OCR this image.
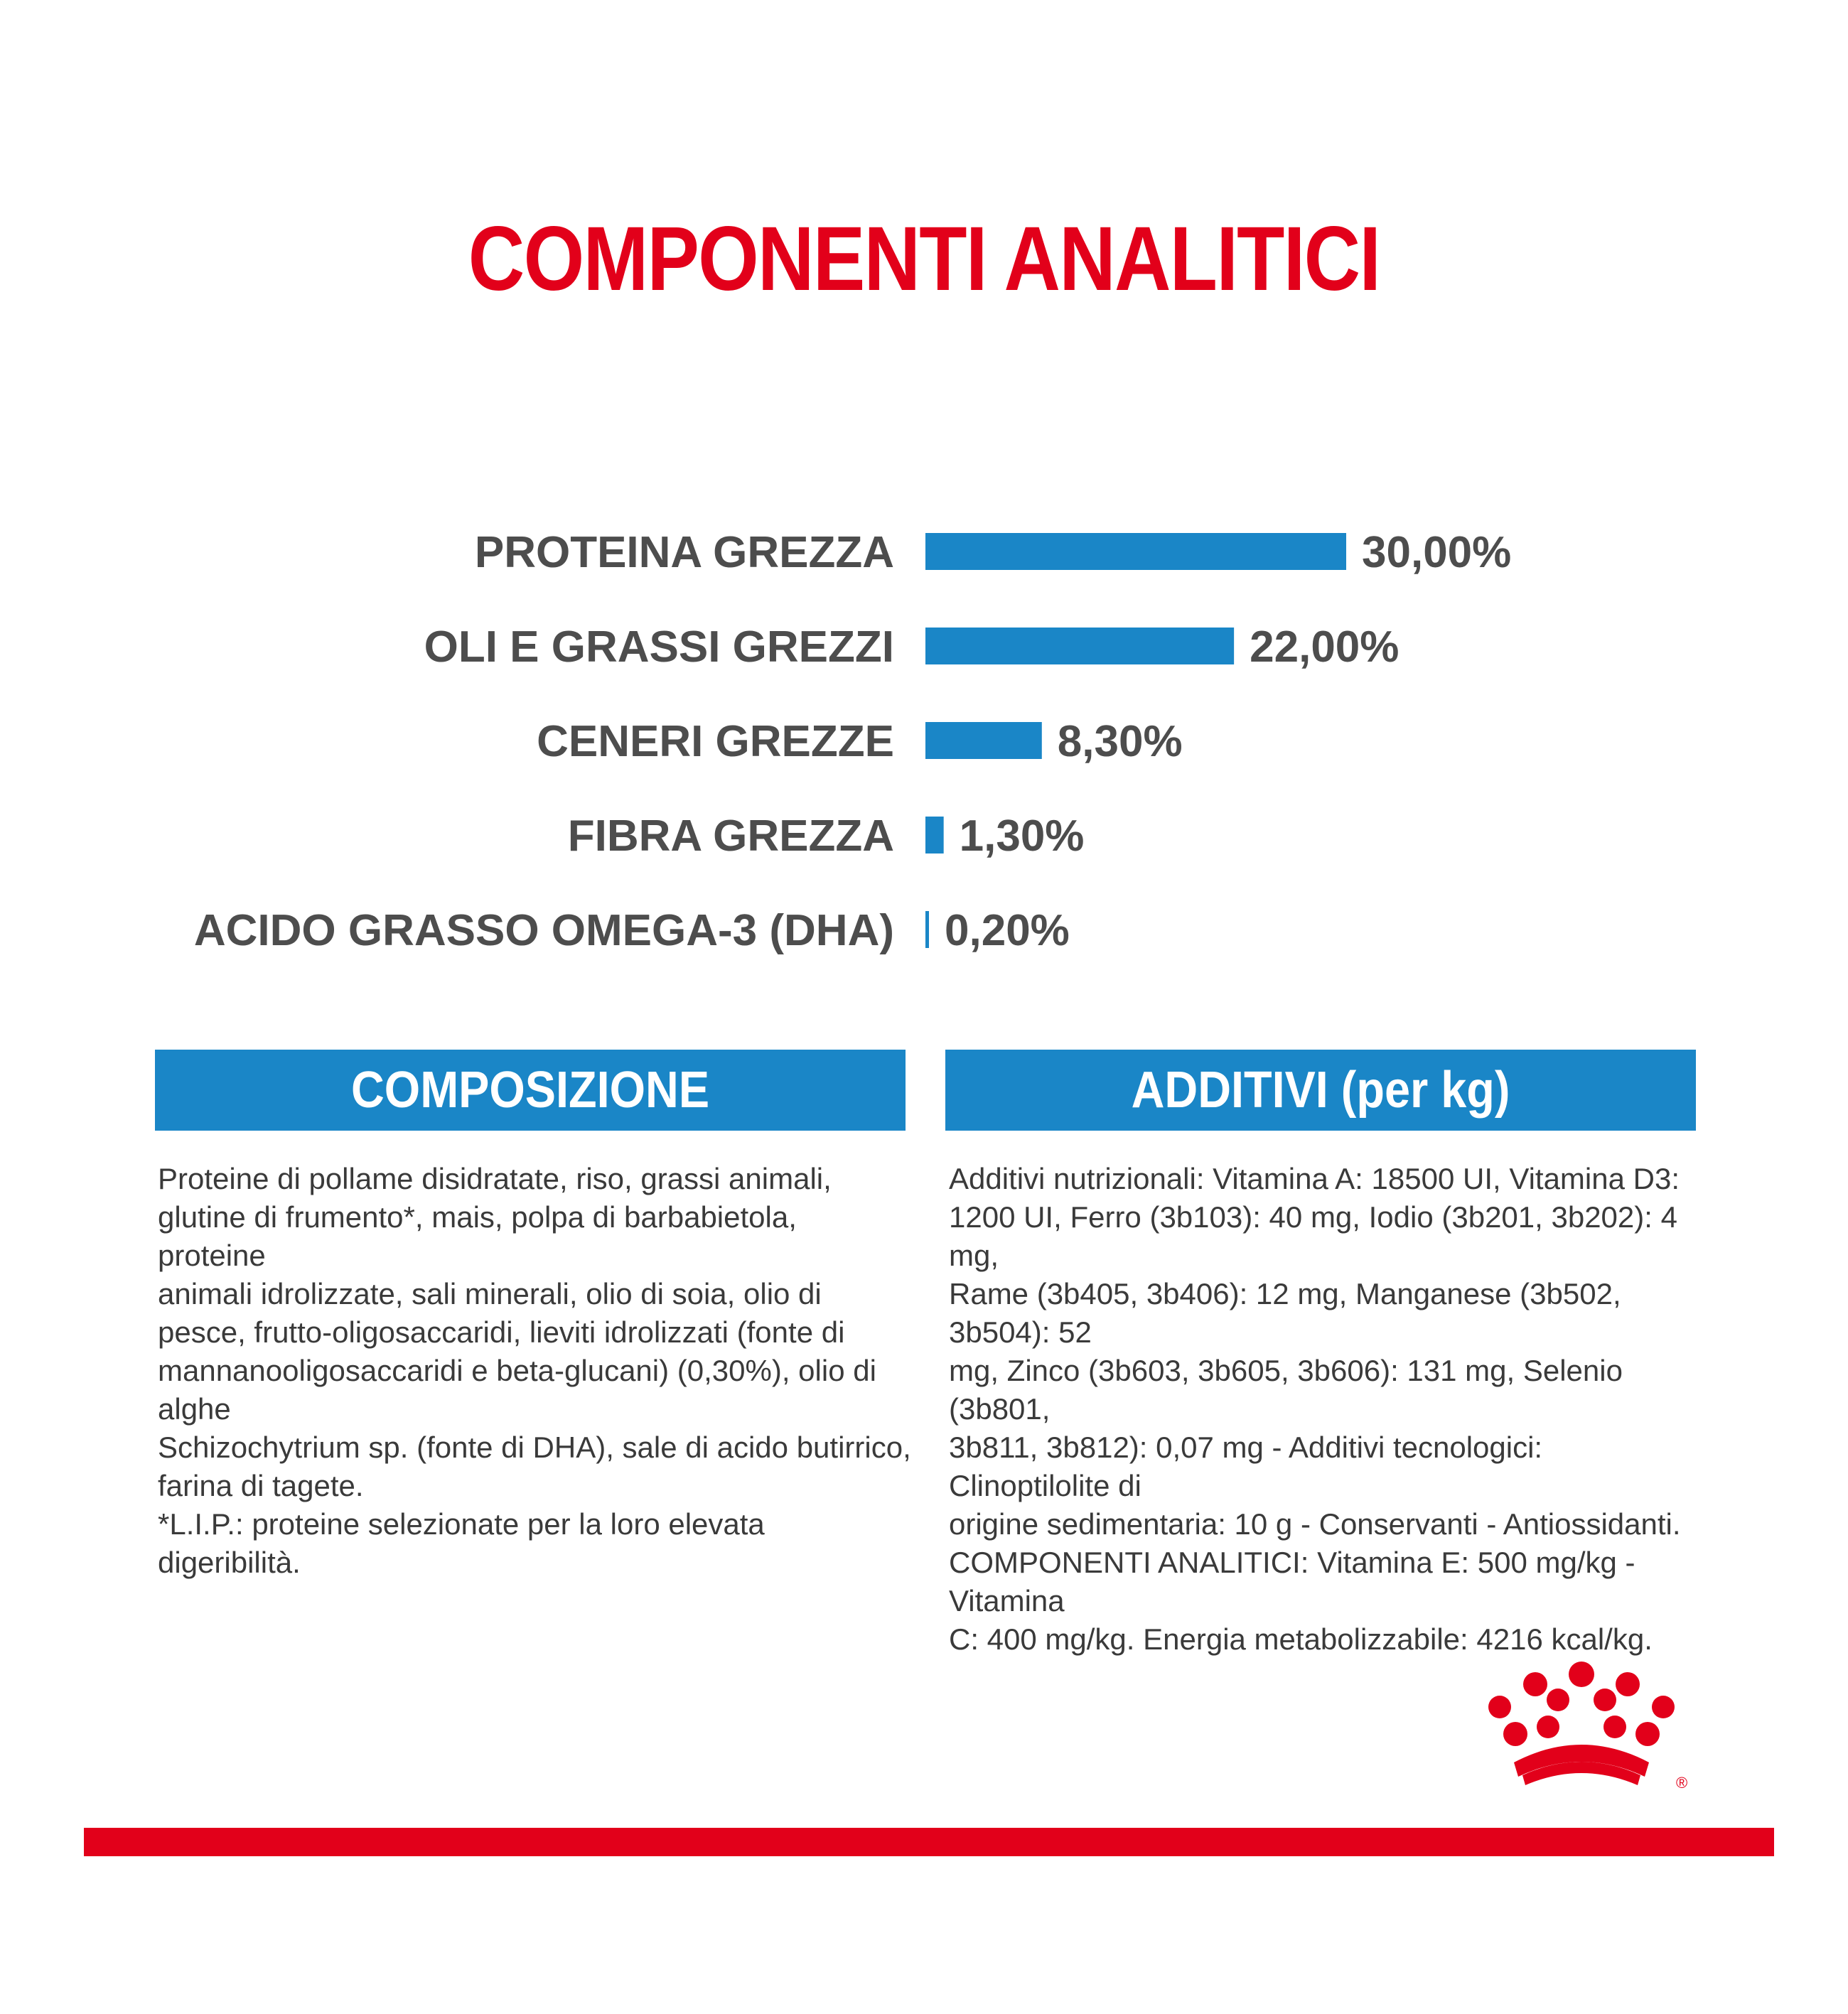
COMPONENTI ANALITICI
PROTEINA GREZZA	30,00%
OLI E GRASSI GREZZI	22,00%
CENERI GREZZE	8,30%
FIBRA GREZZA 1,30%
ACIDO GRASSO OMEGA-3 (DHA) 0,20%
COMPOSIZIONE	ADDITIVI (per kg)
Proteine di pollame disidratate, riso, grassi animali,
glutine di frumento*, mais, polpa di barbabietola, proteine
animali idrolizzate, sali minerali, olio di soia, olio di
pesce, frutto-oligosaccaridi, lieviti idrolizzati (fonte di
mannanooligosaccaridi e beta-glucani) (0,30%), olio di alghe
Schizochytrium sp. (fonte di DHA), sale di acido butirrico,
farina di tagete.
*L.I.P.: proteine selezionate per la loro elevata digeribilità.
Additivi nutrizionali: Vitamina A: 18500 UI, Vitamina D3:
1200 UI, Ferro (3b103): 40 mg, Iodio (3b201, 3b202): 4 mg,
Rame (3b405, 3b406): 12 mg, Manganese (3b502, 3b504): 52
mg, Zinco (3b603, 3b605, 3b606): 131 mg, Selenio (3b801,
3b811, 3b812): 0,07 mg - Additivi tecnologici: Clinoptilolite di
origine sedimentaria: 10 g - Conservanti - Antiossidanti.
COMPONENTI ANALITICI: Vitamina E: 500 mg/kg - Vitamina
C: 400 mg/kg. Energia metabolizzabile: 4216 kcal/kg.
®
